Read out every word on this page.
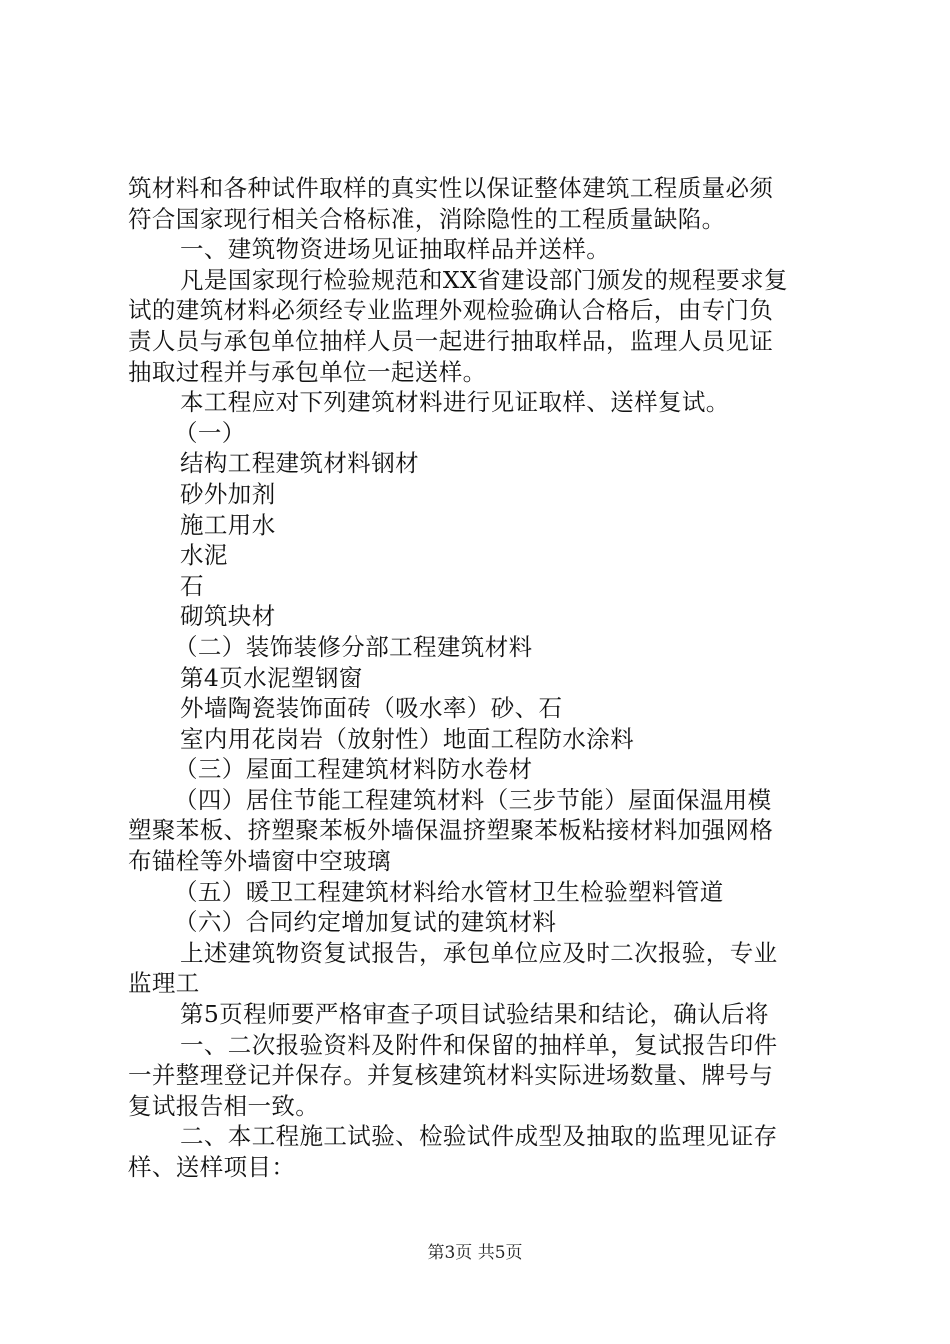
筑材料和各种试件取样的真实性以保证整体建筑工程质量必须
符合国家现行相关合格标准，消除隐性的工程质量缺陷。
一、建筑物资进场见证抽取样品并送样。
凡是国家现行检验规范和XX省建设部门颁发的规程要求复
试的建筑材料必须经专业监理外观检验确认合格后，由专门负
责人员与承包单位抽样人员一起进行抽取样品，监理人员见证
抽取过程并与承包单位一起送样。
本工程应对下列建筑材料进行见证取样、送样复试。
（一）
结构工程建筑材料钢材
砂外加剂
施工用水
水泥
石
砌筑块材
（二）装饰装修分部工程建筑材料
第4页水泥塑钢窗
外墙陶瓷装饰面砖（吸水率）砂、石
室内用花岗岩（放射性）地面工程防水涂料
（三）屋面工程建筑材料防水卷材
（四）居住节能工程建筑材料（三步节能）屋面保温用模
塑聚苯板、挤塑聚苯板外墙保温挤塑聚苯板粘接材料加强网格
布锚栓等外墙窗中空玻璃
（五）暖卫工程建筑材料给水管材卫生检验塑料管道
（六）合同约定增加复试的建筑材料
上述建筑物资复试报告，承包单位应及时二次报验，专业
监理工
第5页程师要严格审查子项目试验结果和结论，确认后将
一、二次报验资料及附件和保留的抽样单，复试报告印件
一并整理登记并保存。并复核建筑材料实际进场数量、牌号与
复试报告相一致。
二、本工程施工试验、检验试件成型及抽取的监理见证存
样、送样项目：
第3页 共5页
